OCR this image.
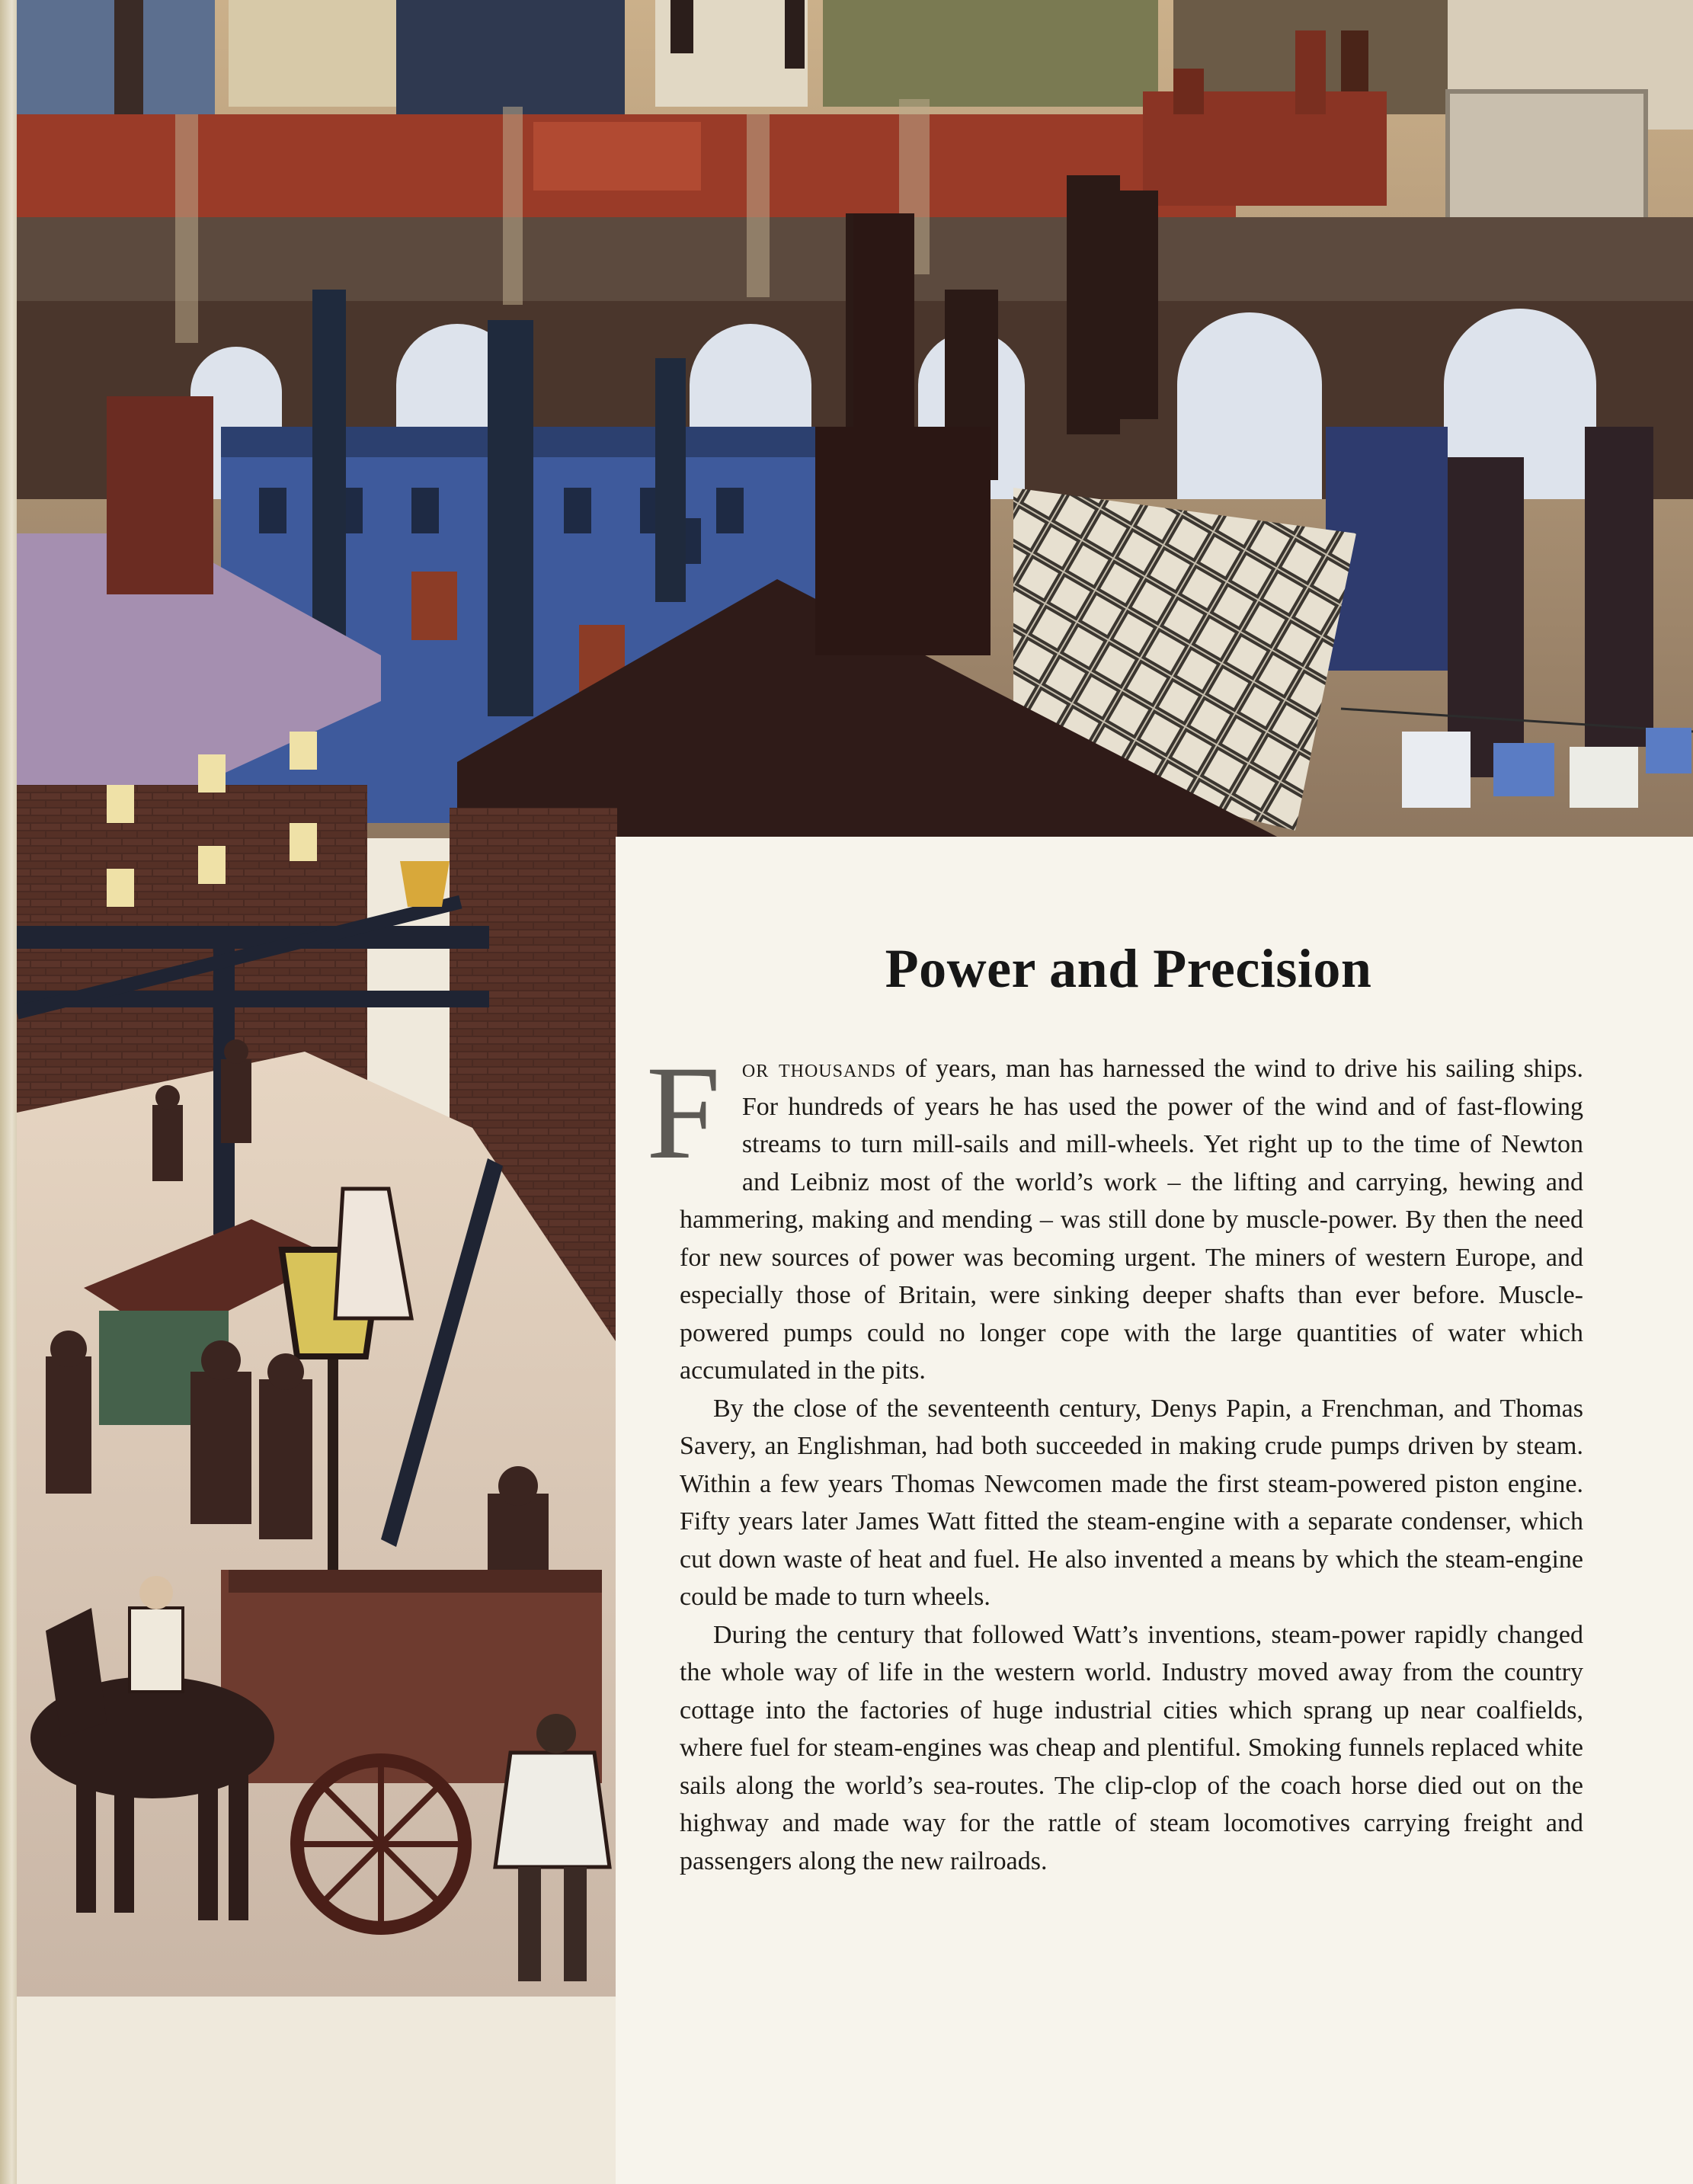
Power and Precision

For thousands of years, man has harnessed the wind to drive his sailing ships. For hundreds of years he has used the power of the wind and of fast-flowing streams to turn mill-sails and mill-wheels. Yet right up to the time of Newton and Leibniz most of the world’s work – the lifting and carrying, hewing and hammering, making and mending – was still done by muscle-power. By then the need for new sources of power was becoming urgent. The miners of western Europe, and especially those of Britain, were sinking deeper shafts than ever before. Muscle-powered pumps could no longer cope with the large quantities of water which accumulated in the pits.

By the close of the seventeenth century, Denys Papin, a Frenchman, and Thomas Savery, an Englishman, had both succeeded in making crude pumps driven by steam. Within a few years Thomas Newcomen made the first steam-powered piston engine. Fifty years later James Watt fitted the steam-engine with a separate condenser, which cut down waste of heat and fuel. He also invented a means by which the steam-engine could be made to turn wheels.

During the century that followed Watt’s inventions, steam-power rapidly changed the whole way of life in the western world. Industry moved away from the country cottage into the factories of huge industrial cities which sprang up near coalfields, where fuel for steam-engines was cheap and plentiful. Smoking funnels replaced white sails along the world’s sea-routes. The clip-clop of the coach horse died out on the highway and made way for the rattle of steam locomotives carrying freight and passengers along the new railroads.
